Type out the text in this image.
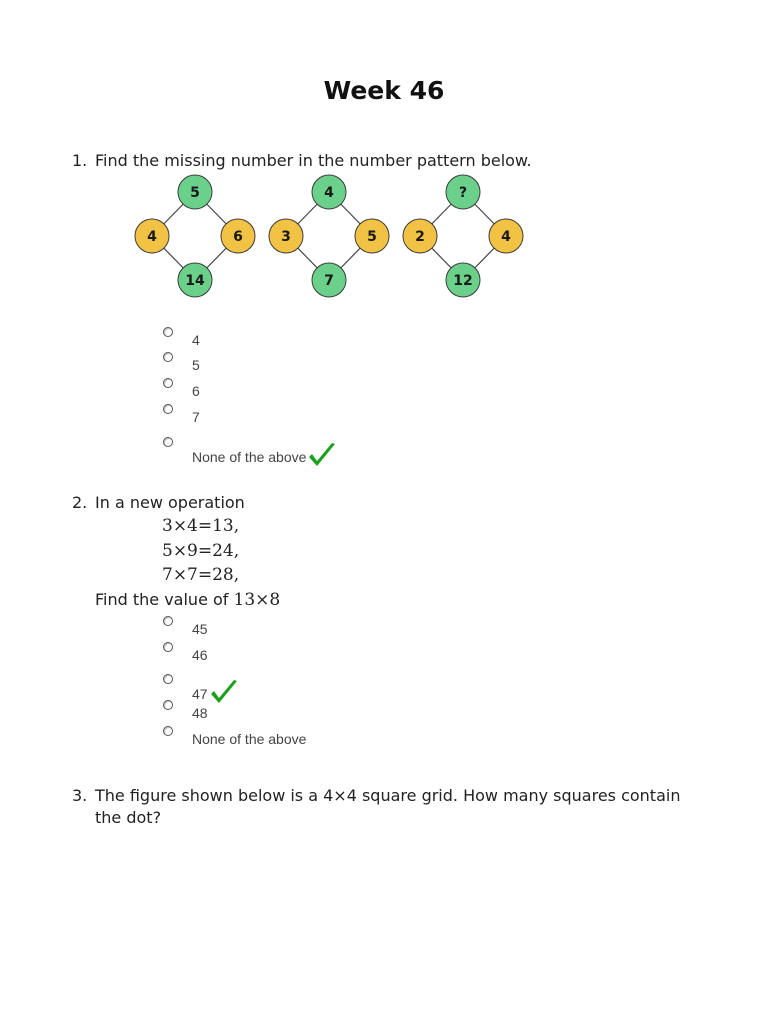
Week 46
1. Find the missing number in the number pattern below.
5
4	6
14
4
3	5
7
?
2	4
12
4
5
6
7
None of the above
2. In a new operation
3×4=13,
5×9=24,
7×7=28,
Find the value of 13×8
45
46
47
48
None of the above
3. The figure shown below is a 4×4 square grid. How many squares contain
the dot?
